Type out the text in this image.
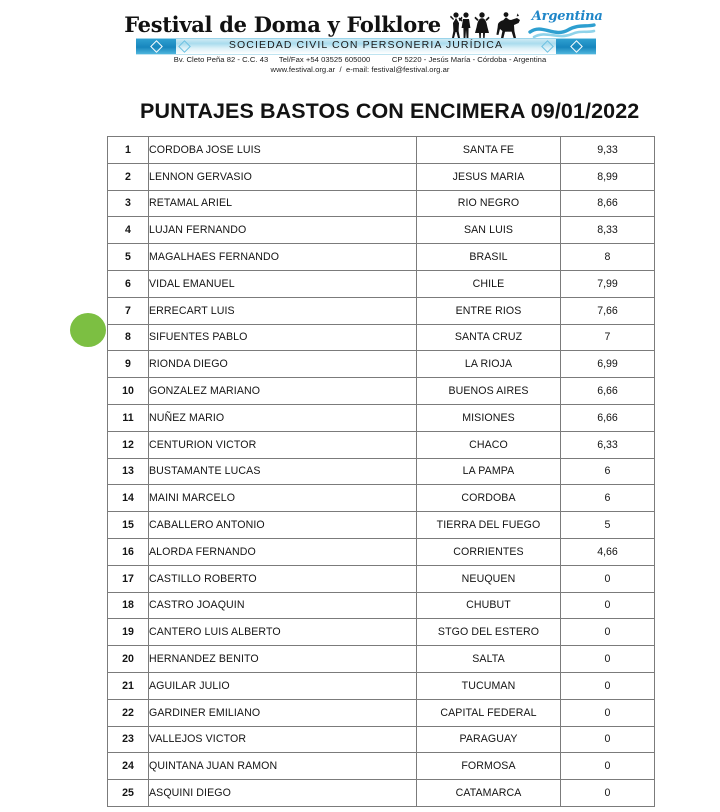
Festival de Doma y Folklore	Argentina
SOCIEDAD CIVIL CON PERSONERIA JURÍDICA
Bv. Cleto Peña 82 - C.C. 43     Tel/Fax +54 03525 605000          CP 5220 - Jesús María - Córdoba - Argentina
www.festival.org.ar  /  e-mail: festival@festival.org.ar
PUNTAJES BASTOS CON ENCIMERA 09/01/2022
1	CORDOBA JOSE LUIS	SANTA FE	9,33
2	LENNON GERVASIO	JESUS MARIA	8,99
3	RETAMAL ARIEL	RIO NEGRO	8,66
4	LUJAN FERNANDO	SAN LUIS	8,33
5	MAGALHAES FERNANDO	BRASIL	8
6	VIDAL EMANUEL	CHILE	7,99
7	ERRECART LUIS	ENTRE RIOS	7,66
8	SIFUENTES PABLO	SANTA CRUZ	7
9	RIONDA DIEGO	LA RIOJA	6,99
10	GONZALEZ MARIANO	BUENOS AIRES	6,66
11	NUÑEZ MARIO	MISIONES	6,66
12	CENTURION VICTOR	CHACO	6,33
13	BUSTAMANTE LUCAS	LA PAMPA	6
14	MAINI MARCELO	CORDOBA	6
15	CABALLERO ANTONIO	TIERRA DEL FUEGO	5
16	ALORDA FERNANDO	CORRIENTES	4,66
17	CASTILLO ROBERTO	NEUQUEN	0
18	CASTRO JOAQUIN	CHUBUT	0
19	CANTERO LUIS ALBERTO	STGO DEL ESTERO	0
20	HERNANDEZ BENITO	SALTA	0
21	AGUILAR JULIO	TUCUMAN	0
22	GARDINER EMILIANO	CAPITAL FEDERAL	0
23	VALLEJOS VICTOR	PARAGUAY	0
24	QUINTANA JUAN RAMON	FORMOSA	0
25	ASQUINI DIEGO	CATAMARCA	0
